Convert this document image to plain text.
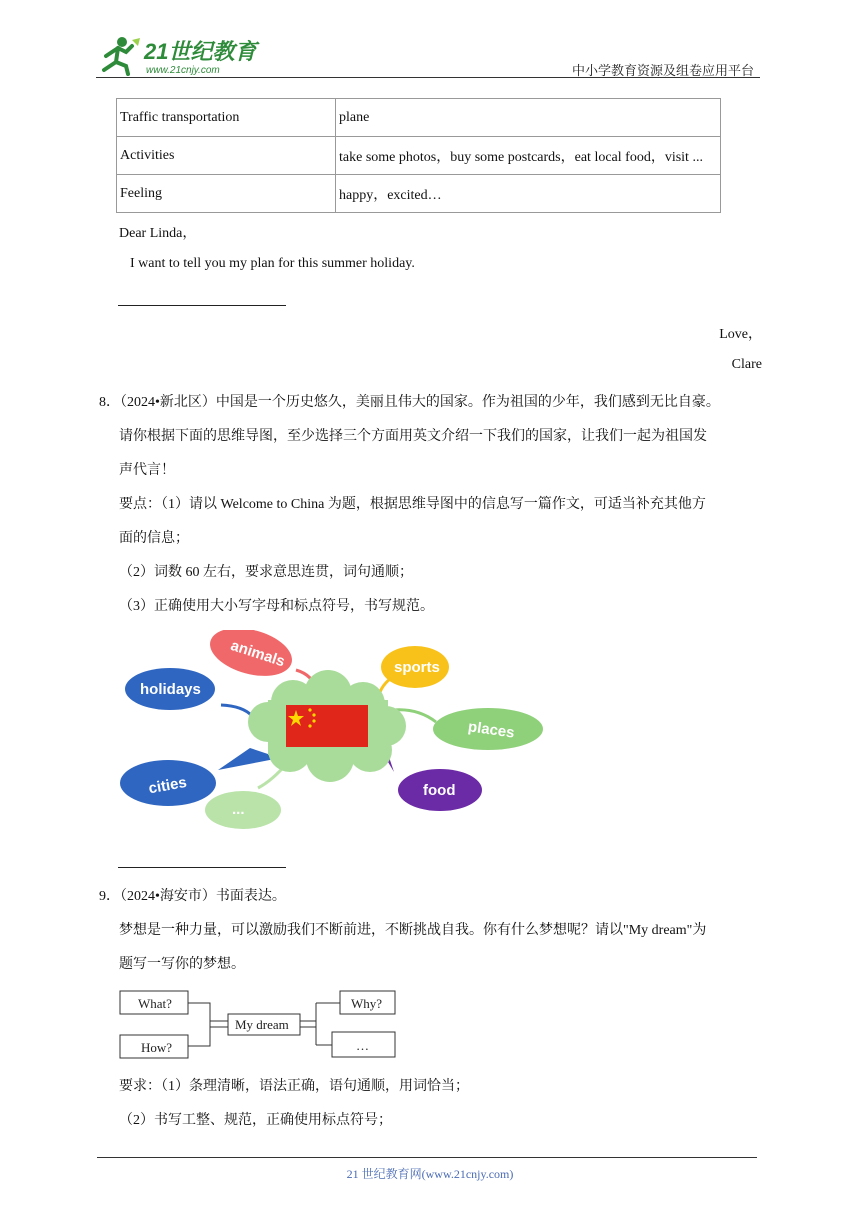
21世纪教育
www.21cnjy.com	中小学教育资源及组卷应用平台
Traffic transportation	plane
Activities	take some photos，buy some postcards，eat local food，visit ...
Feeling	happy，excited…
Dear Linda，
I want to tell you my plan for this summer holiday.
Love，
Clare
8．（2024•新北区）中国是一个历史悠久，美丽且伟大的国家。作为祖国的少年，我们感到无比自豪。
请你根据下面的思维导图，至少选择三个方面用英文介绍一下我们的国家，让我们一起为祖国发
声代言！
要点：（1）请以 Welcome to China 为题，根据思维导图中的信息写一篇作文，可适当补充其他方
面的信息；
（2）词数 60 左右，要求意思连贯，词句通顺；
（3）正确使用大小写字母和标点符号，书写规范。
animals
holidays
sports
places
cities	food
...
9．（2024•海安市）书面表达。
梦想是一种力量，可以激励我们不断前进，不断挑战自我。你有什么梦想呢？请以"My dream"为
题写一写你的梦想。
What?
How?
My dream
Why?
…
要求：（1）条理清晰，语法正确，语句通顺，用词恰当；
（2）书写工整、规范，正确使用标点符号；
21 世纪教育网(www.21cnjy.com)
